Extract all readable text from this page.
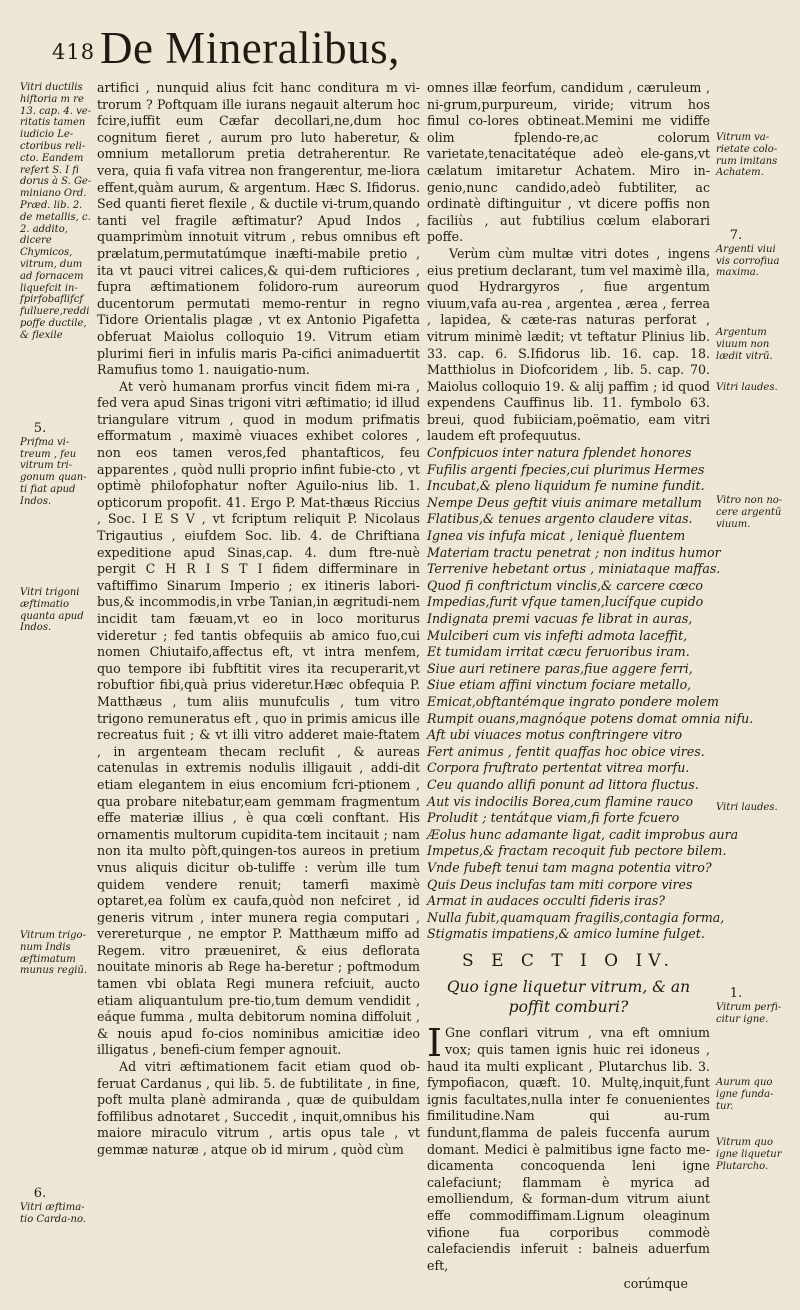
418 De Mineralibus,
Vitri ductilis hiftoria m re 13. cap. 4. ve-ritatis tamen iudicio Le-ctoribus reli-cto. Eandem refert S. I fi dorus à S. Ge-miniano Ord. Præd. lib. 2. de metallis, c. 2. addito, dicere Chymicos, vitrum, dum ad fornacem liquefcit in-fpirfobaflifcf fulluere,reddi poffe ductile, & flexile
5.
Prifma vi-treum , feu vitrum tri-gonum quan-ti fiat apud Indos.
Vitri trigoni æftimatio quanta apud Indos.
Vitrum trigo-num Indis æftimatum munus regiū.
6.
Vitri æftima-tio Carda-no.

artifici , nunquid alius fcit hanc conditura m vi-trorum ? Poftquam ille iurans negauit alterum hoc fcire,iuffit eum Cæfar decollari,ne,dum hoc cognitum fieret , aurum pro luto haberetur, & omnium metallorum pretia detraherentur. Re vera, quia fi vafa vitrea non frangerentur, me-liora effent,quàm aurum, & argentum. Hæc S. Ifidorus. Sed quanti fieret flexile , & ductile vi-trum,quando tanti vel fragile æftimatur? Apud Indos , quamprimùm innotuit vitrum , rebus omnibus eft prælatum,permutatúmque inæfti-mabile pretio , ita vt pauci vitrei calices,& qui-dem rufticiores , fupra æftimationem folidoro-rum aureorum ducentorum permutati memo-rentur in regno Tidore Orientalis plagæ , vt ex Antonio Pigafetta obferuat Maiolus colloquio 19. Vitrum etiam plurimi fieri in infulis maris Pa-cifici animaduertit Ramufius tomo 1. nauigatio-num.

At verò humanam prorfus vincit fidem mi-ra , fed vera apud Sinas trigoni vitri æftimatio; id illud triangulare vitrum , quod in modum prifmatis efformatum , maximè viuaces exhibet colores , non eos tamen veros,fed phantafticos, feu apparentes , quòd nulli proprio infint fubie-cto , vt optimè philofophatur nofter Aguilo-nius lib. 1. opticorum propofit. 41. Ergo P. Mat-thæus Riccius , Soc. I E S V , vt fcriptum reliquit P. Nicolaus Trigautius , eiufdem Soc. lib. 4. de Chriftiana expeditione apud Sinas,cap. 4. dum ftre-nuè pergit C H R I S T I fidem differminare in vaftiffimo Sinarum Imperio ; ex itineris labori-bus,& incommodis,in vrbe Tanian,in ægritudi-nem incidit tam fæuam,vt eo in loco moriturus videretur ; fed tantis obfequiis ab amico fuo,cui nomen Chiutaifo,affectus eft, vt intra menfem, quo tempore ibi fubftitit vires ita recuperarit,vt robuftior fibi,quà prius videretur.Hæc obfequia P. Matthæus , tum aliis munufculis , tum vitro trigono remuneratus eft , quo in primis amicus ille recreatus fuit ; & vt illi vitro adderet maie-ftatem , in argenteam thecam reclufit , & aureas catenulas in extremis nodulis illigauit , addi-dit etiam elegantem in eius encomium fcri-ptionem , qua probare nitebatur,eam gemmam fragmentum effe materiæ illius , è qua cœli conftant. His ornamentis multorum cupidita-tem incitauit ; nam non ita multo pòft,quingen-tos aureos in pretium vnus aliquis dicitur ob-tuliffe : verùm ille tum quidem vendere renuit; tamerfi maximè optaret,ea folùm ex caufa,quòd non nefciret , id generis vitrum , inter munera regia computari , verereturque , ne emptor P. Matthæum miffo ad Regem. vitro præueniret, & eius deflorata nouitate minoris ab Rege ha-beretur ; poftmodum tamen vbi oblata Regi munera refciuit, aucto etiam aliquantulum pre-tio,tum demum vendidit , eáque fumma , multa debitorum nomina diffoluit , & nouis apud fo-cios nominibus amicitiæ ideo illigatus , benefi-cium femper agnouit.

Ad vitri æftimationem facit etiam quod ob-feruat Cardanus , qui lib. 5. de fubtilitate , in fine, poft multa planè admiranda , quæ de quibuldam foffilibus adnotaret , Succedit , inquit,omnibus his maiore miraculo vitrum , artis opus tale , vt gemmæ naturæ , atque ob id mirum , quòd cùm

omnes illæ feorfum, candidum , cæruleum , ni-grum,purpureum, viride; vitrum hos fimul co-lores obtineat.Memini me vidiffe olim fplendo-re,ac colorum varietate,tenacitatéque adeò ele-gans,vt cælatum imitaretur Achatem. Miro in-genio,nunc candido,adeò fubtiliter, ac ordinatè diftinguitur , vt dicere poffis non faciliùs , aut fubtilius cœlum elaborari poffe.

Verùm cùm multæ vitri dotes , ingens eius pretium declarant, tum vel maximè illa, quod Hydrargyros , fiue argentum viuum,vafa au-rea , argentea , ærea , ferrea , lapidea, & cæte-ras naturas perforat , vitrum minimè lædit; vt teftatur Plinius lib. 33. cap. 6. S.Ifidorus lib. 16. cap. 18. Matthiolus in Diofcoridem , lib. 5. cap. 70. Maiolus colloquio 19. & alij paffim ; id quod expendens Cauffinus lib. 11. fymbolo 63. breui, quod fubiiciam,poëmatio, eam vitri laudem eft profequutus.

Confpicuos inter natura fplendet honores
Fufilis argenti fpecies,cui plurimus Hermes
Incubat,& pleno liquidum fe numine fundit.
Nempe Deus geftit viuis animare metallum
Flatibus,& tenues argento claudere vitas.
Ignea vis infufa micat , leniquè fluentem
Materiam tractu penetrat ; non inditus humor
Terrenive hebetant ortus , miniataque maffas.
Quod fi conftrictum vinclis,& carcere cœco
Impedias,furit vfque tamen,lucífque cupido
Indignata premi vacuas fe librat in auras,
Mulciberi cum vis infefti admota laceffit,
Et tumidam irritat cæcu feruoribus iram.
Siue auri retinere paras,fiue aggere ferri,
Siue etiam affini vinctum fociare metallo,
Emicat,obftantémque ingrato pondere molem
Rumpit ouans,magnóque potens domat omnia nifu.
Aft ubi viuaces motus conftringere vitro
Fert animus , fentit quaffas hoc obice vires.
Corpora fruftrato pertentat vitrea morfu.
Ceu quando allifi ponunt ad littora fluctus.
Aut vis indocilis Borea,cum flamine rauco
Proludit ; tentátque viam,fi forte fcuero
Æolus hunc adamante ligat, cadit improbus aura
Impetus,& fractam recoquit fub pectore bilem.
Vnde fubeft tenui tam magna potentia vitro?
Quis Deus inclufas tam miti corpore vires
Armat in audaces occulti fideris iras?
Nulla fubit,quamquam fragilis,contagia forma,
Stigmatis impatiens,& amico lumine fulget.
S E C T I O IV.
Quo igne liquetur vitrum, & an poffit comburi?

I Gne conflari vitrum , vna eft omnium vox; quis tamen ignis huic rei idoneus , haud ita multi explicant , Plutarchus lib. 3. fympofiacon, quæft. 10. Multę,inquit,funt ignis facultates,nulla inter fe conuenientes fimilitudine.Nam qui au-rum fundunt,flamma de paleis fuccenfa aurum domant. Medici è palmitibus igne facto me-dicamenta concoquenda leni igne calefaciunt; flammam è myrica ad emolliendum, & forman-dum vitrum aiunt effe commodiffimam.Lignum oleaginum vifione fua corporibus commodè calefaciendis inferuit : balneis aduerfum eft,

corúmque
Vitrum va-rietate colo-rum imitans Achatem.
7.
Argenti viui vis corrofiua maxima.
Argentum viuum non lædit vitrū.
Vitri laudes.
Vitro non no-cere argentū viuum.
Vitri laudes.
1.
Vitrum perfi-citur igne.
Aurum quo igne funda-tur.
Vitrum quo igne liquetur Plutarcho.
